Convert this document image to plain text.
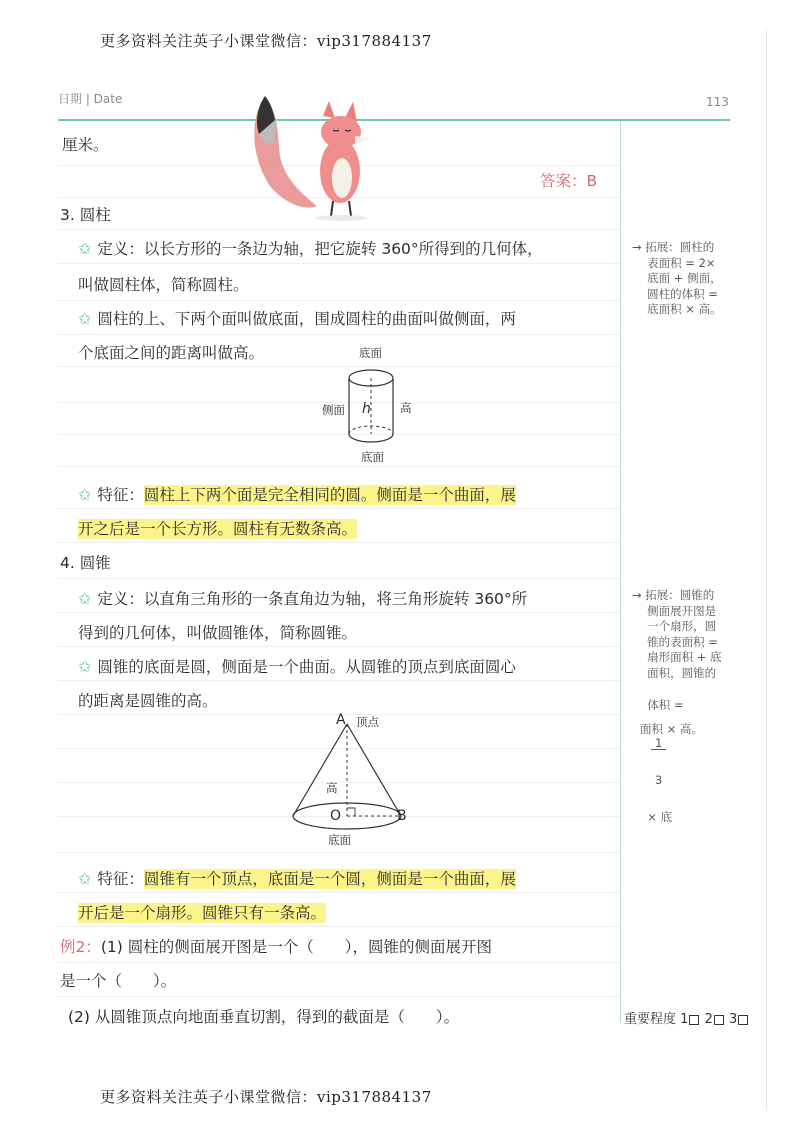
更多资料关注英子小课堂微信：vip317884137
日期 | Date	113
厘米。
答案：B
3. 圆柱
✩ 定义：以长方形的一条边为轴，把它旋转 360°所得到的几何体，
叫做圆柱体，简称圆柱。
✩ 圆柱的上、下两个面叫做底面，围成圆柱的曲面叫做侧面，两
个底面之间的距离叫做高。	底面
侧面 h	高
底面
✩ 特征：圆柱上下两个面是完全相同的圆。侧面是一个曲面，展
开之后是一个长方形。圆柱有无数条高。
4. 圆锥
✩ 定义：以直角三角形的一条直角边为轴，将三角形旋转 360°所
得到的几何体，叫做圆锥体，简称圆锥。
✩ 圆锥的底面是圆，侧面是一个曲面。从圆锥的顶点到底面圆心
的距离是圆锥的高。
A 顶点
高
O	B
底面
✩ 特征：圆锥有一个顶点，底面是一个圆，侧面是一个曲面，展
开后是一个扇形。圆锥只有一条高。
例2：(1) 圆柱的侧面展开图是一个（　　），圆锥的侧面展开图
是一个（　　）。
(2) 从圆锥顶点向地面垂直切割，得到的截面是（　　）。
→ 拓展：圆柱的
　 表面积 = 2×
　 底面 + 侧面，
　 圆柱的体积 =
　 底面积 × 高。
→ 拓展：圆锥的
　 侧面展开图是
　 一个扇形，圆
　 锥的表面积 =
　 扇形面积 + 底
　 面积，圆锥的

体积 =

$\frac{1}{3}$

× 底

面积 × 高。
重要程度 1 2 3
更多资料关注英子小课堂微信：vip317884137
